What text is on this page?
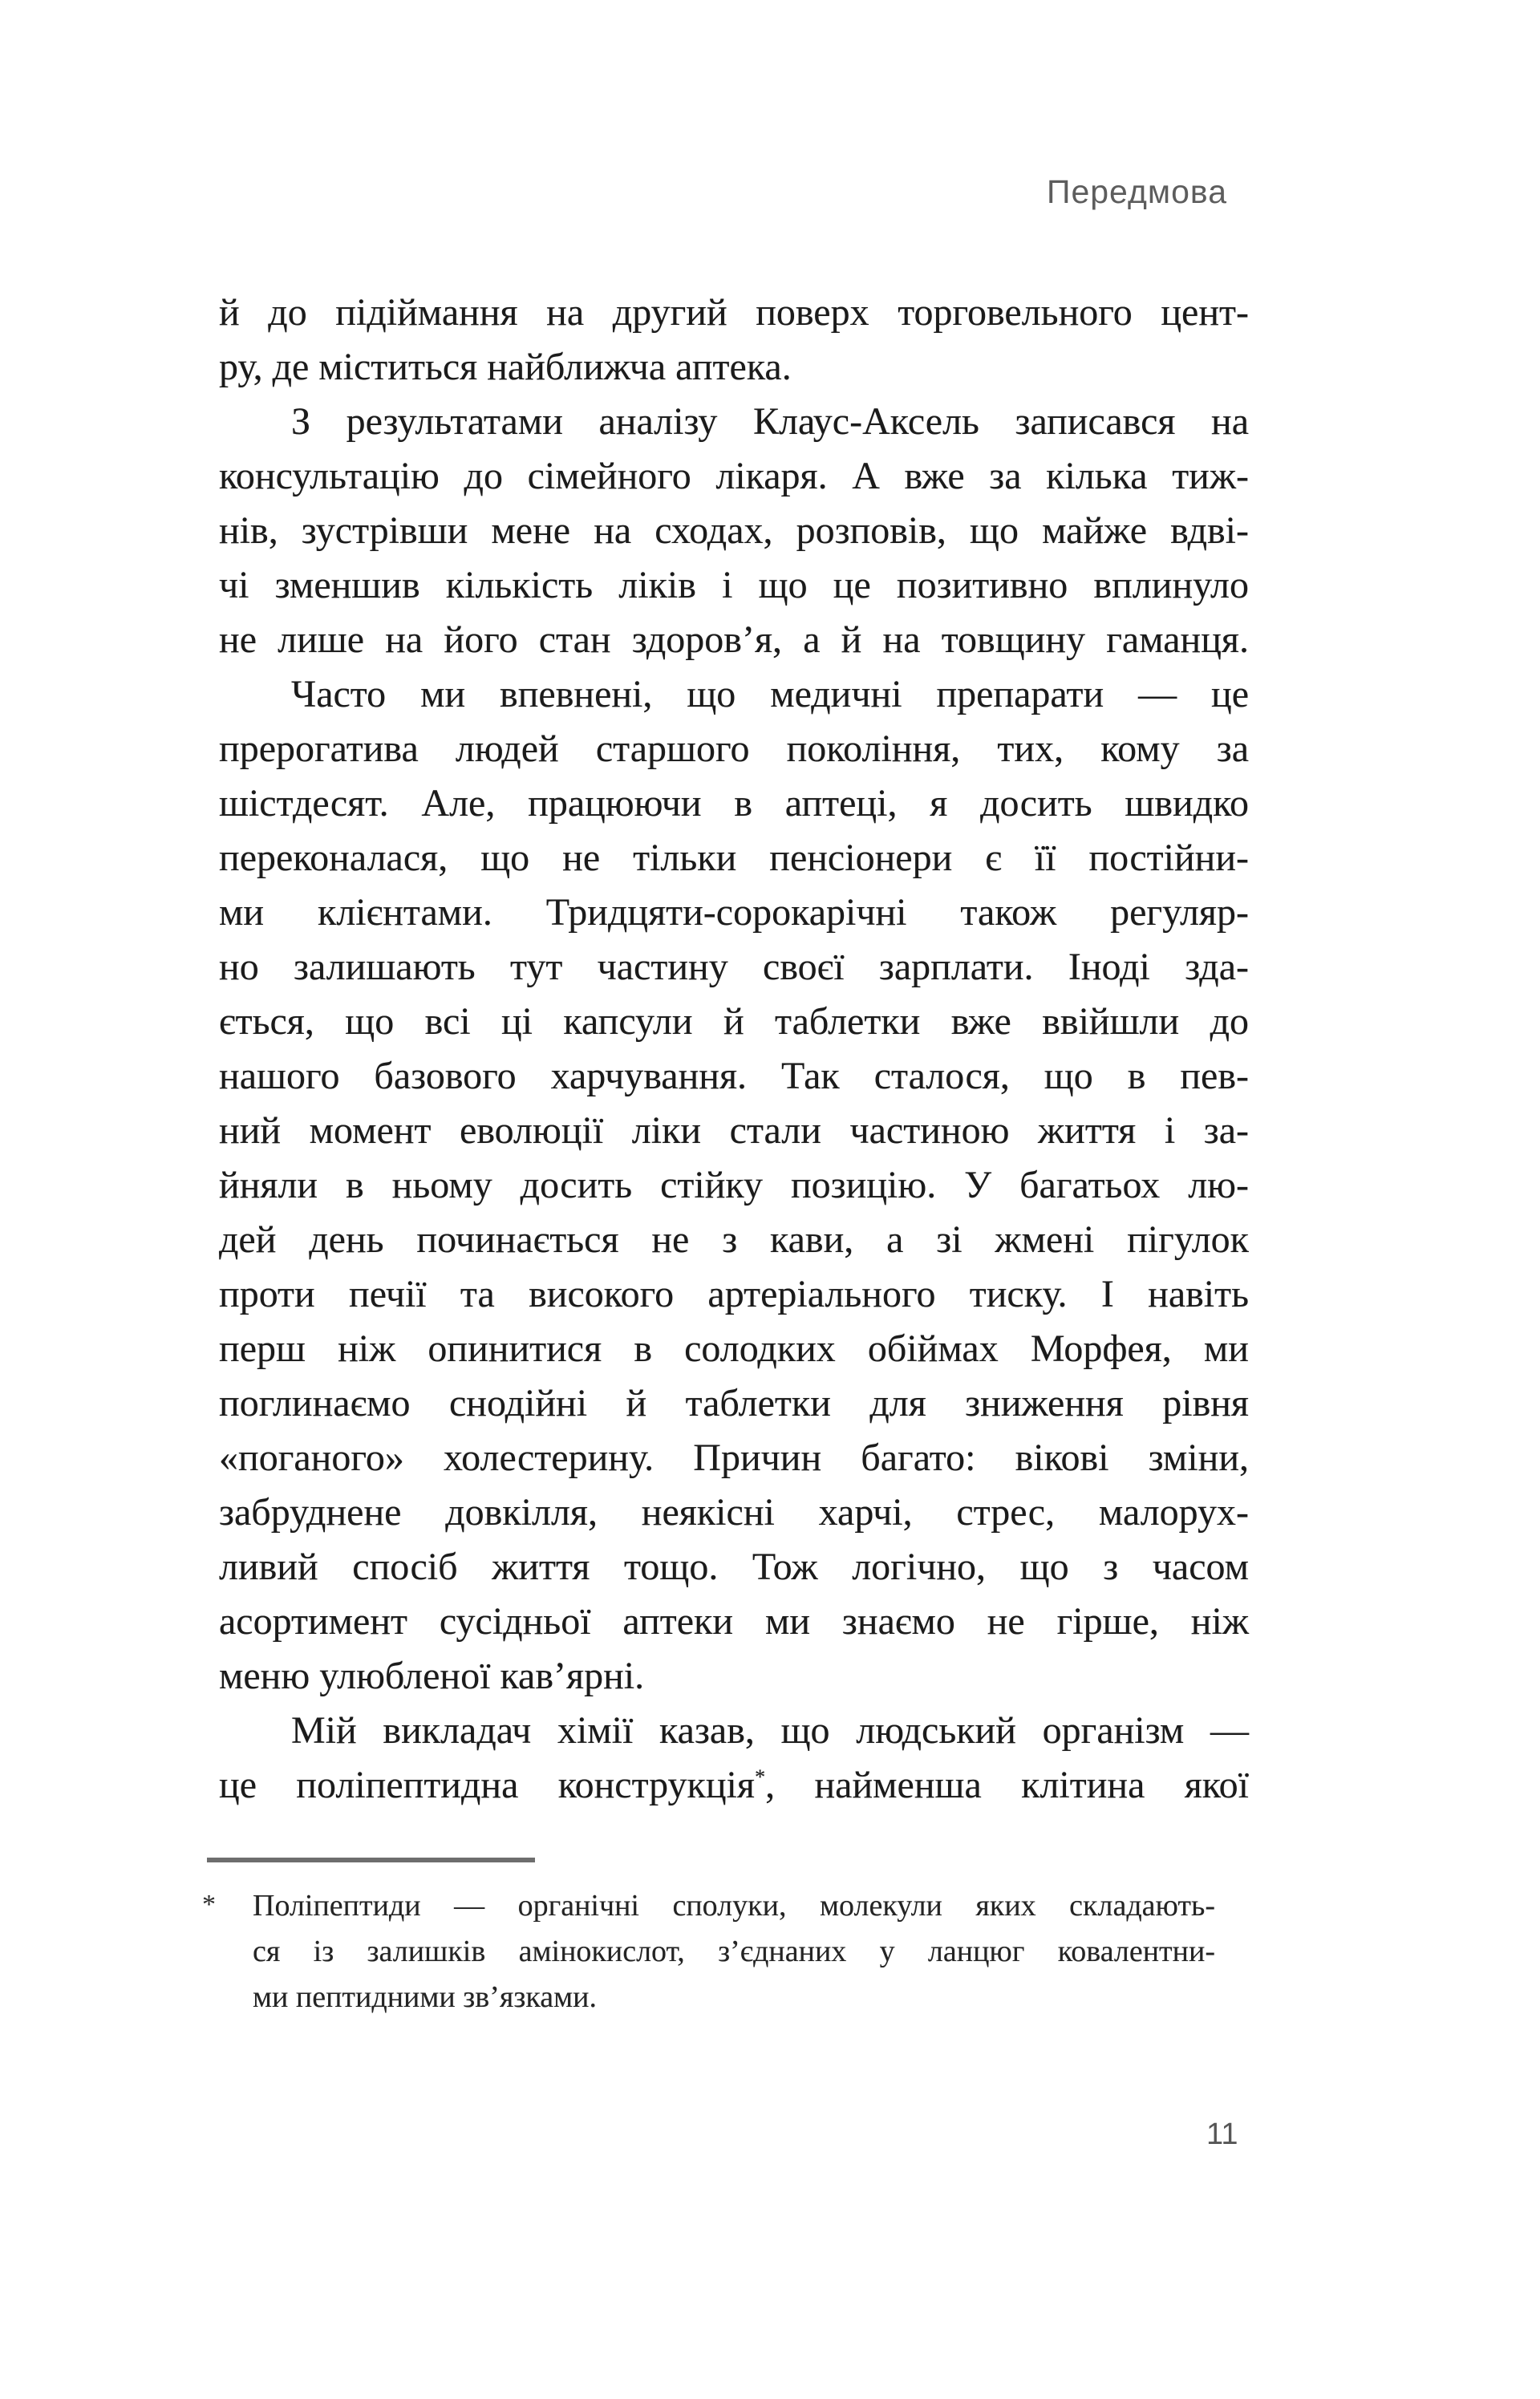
Передмова
й до підіймання на другий поверх торговельного цент-
ру, де міститься найближча аптека.
З результатами аналізу Клаус-Аксель записався на
консультацію до сімейного лікаря. А вже за кілька тиж-
нів, зустрівши мене на сходах, розповів, що майже вдві-
чі зменшив кількість ліків і що це позитивно вплинуло
не лише на його стан здоров’я, а й на товщину гаманця.
Часто ми впевнені, що медичні препарати — це
прерогатива людей старшого покоління, тих, кому за
шістдесят. Але, працюючи в аптеці, я досить швидко
переконалася, що не тільки пенсіонери є її постійни-
ми клієнтами. Тридцяти-сорокарічні також регуляр-
но залишають тут частину своєї зарплати. Іноді зда-
ється, що всі ці капсули й таблетки вже ввійшли до
нашого базового харчування. Так сталося, що в пев-
ний момент еволюції ліки стали частиною життя і за-
йняли в ньому досить стійку позицію. У багатьох лю-
дей день починається не з кави, а зі жмені пігулок
проти печії та високого артеріального тиску. І навіть
перш ніж опинитися в солодких обіймах Морфея, ми
поглинаємо снодійні й таблетки для зниження рівня
«поганого» холестерину. Причин багато: вікові зміни,
забруднене довкілля, неякісні харчі, стрес, малорух-
ливий спосіб життя тощо. Тож логічно, що з часом
асортимент сусідньої аптеки ми знаємо не гірше, ніж
меню улюбленої кав’ярні.
Мій викладач хімії казав, що людський організм —
це поліпептидна конструкція*, найменша клітина якої
* Поліпептиди — органічні сполуки, молекули яких складають-
ся із залишків амінокислот, з’єднаних у ланцюг ковалентни-
ми пептидними зв’язками.
11
